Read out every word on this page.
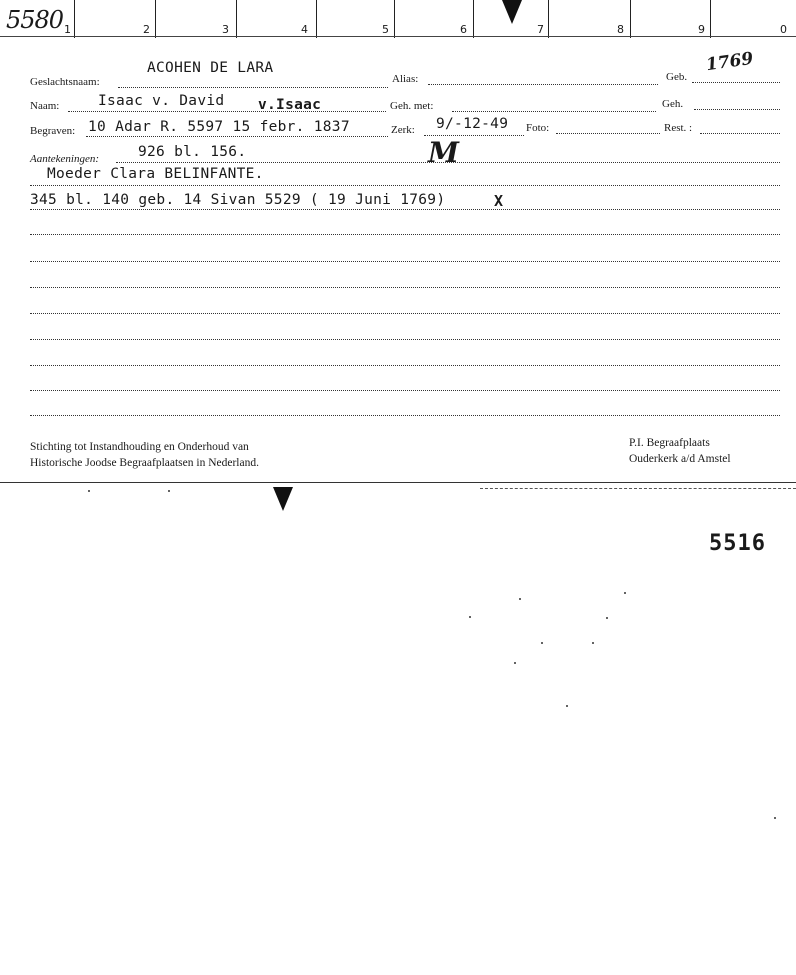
1	2	3	4	5	6	7	8	9	0
5580
Geslachtsnaam:
ACOHEN DE LARA
Alias:	Geb.
1769
Naam:	Isaac v. David v.Isaac	Geh. met:	Geh.
Begraven: 10 Adar R. 5597 15 febr. 1837	Zerk: 9/-12-49 Foto:	Rest. :
Aantekeningen:	926 bl. 156.	M
Moeder Clara BELINFANTE.
345 bl. 140 geb. 14 Sivan 5529 ( 19 Juni 1769)	X
Stichting tot Instandhouding en Onderhoud van
Historische Joodse Begraafplaatsen in Nederland.
P.I. Begraafplaats
Ouderkerk a/d Amstel
5516
